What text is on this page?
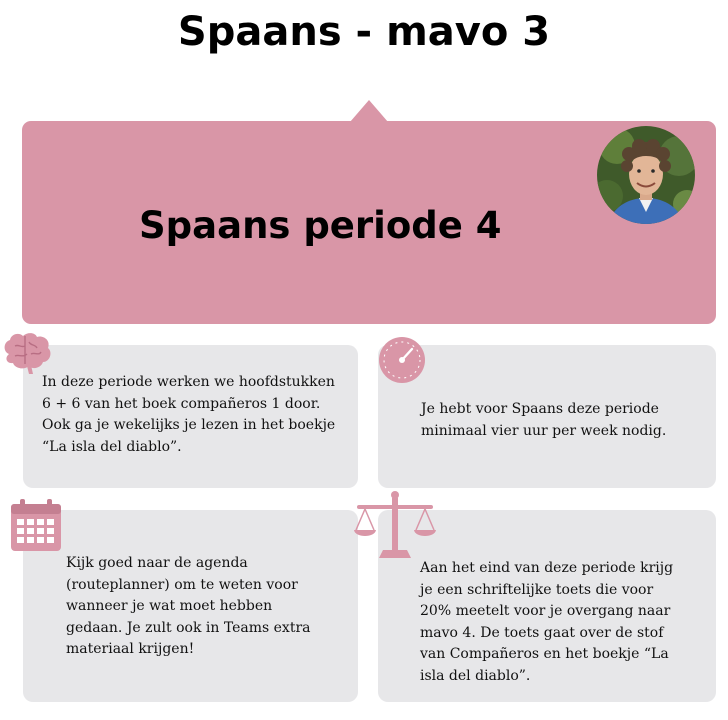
Spaans - mavo 3
Spaans periode 4

In deze periode werken we hoofdstukken 6 + 6 van het boek compañeros 1 door. Ook ga je wekelijks je lezen in het boekje “La isla del diablo”.

Je hebt voor Spaans deze periode minimaal vier uur per week nodig.

Kijk goed naar de agenda (routeplanner) om te weten voor wanneer je wat moet hebben gedaan. Je zult ook in Teams extra materiaal krijgen!

Aan het eind van deze periode krijg je een schriftelijke toets die voor 20% meetelt voor je overgang naar mavo 4. De toets gaat over de stof van Compañeros en het boekje “La isla del diablo”.
